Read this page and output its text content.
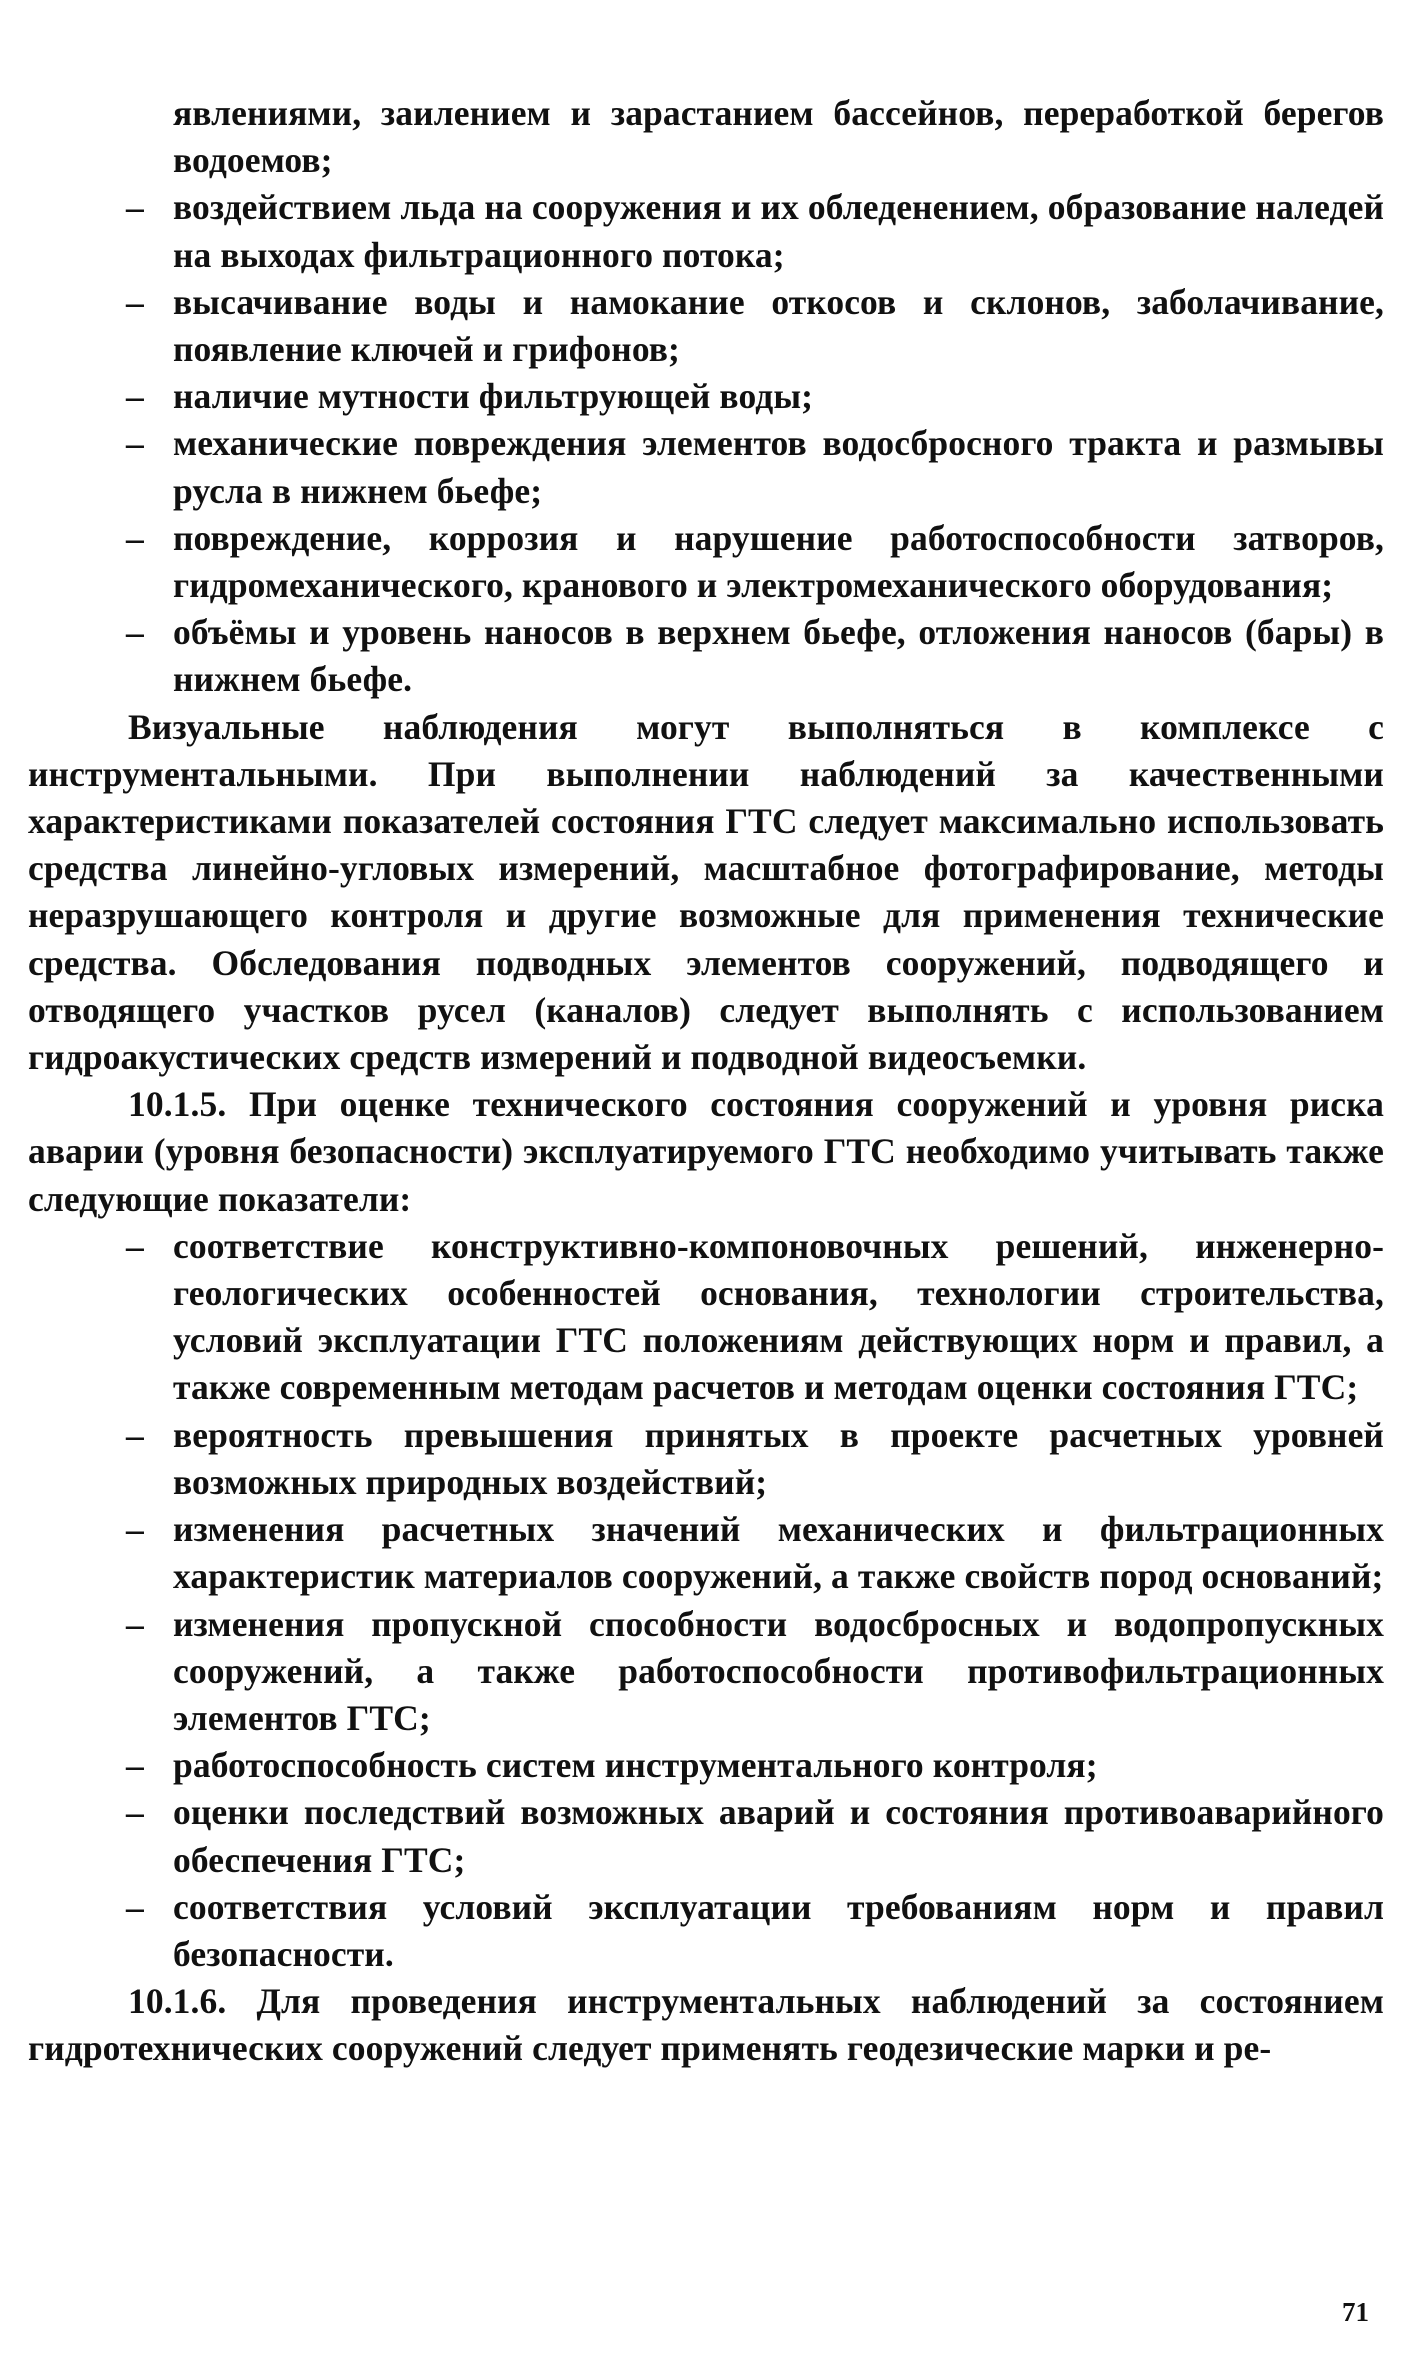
явлениями, заилением и зарастанием бассейнов, переработкой берегов водоемов;

– воздействием льда на сооружения и их обледенением, образование наледей на выходах фильтрационного потока;

– высачивание воды и намокание откосов и склонов, заболачивание, появление ключей и грифонов;

– наличие мутности фильтрующей воды;

– механические повреждения элементов водосбросного тракта и размывы русла в нижнем бьефе;

– повреждение, коррозия и нарушение работоспособности затворов, гидромеханического, кранового и электромеханического оборудования;

– объёмы и уровень наносов в верхнем бьефе, отложения наносов (бары) в нижнем бьефе.

Визуальные наблюдения могут выполняться в комплексе с инструментальными. При выполнении наблюдений за качественными характеристиками показателей состояния ГТС следует максимально использовать средства линейно-угловых измерений, масштабное фотографирование, методы неразрушающего контроля и другие возможные для применения технические средства. Обследования подводных элементов сооружений, подводящего и отводящего участков русел (каналов) следует выполнять с использованием гидроакустических средств измерений и подводной видеосъемки.

10.1.5. При оценке технического состояния сооружений и уровня риска аварии (уровня безопасности) эксплуатируемого ГТС необходимо учитывать также следующие показатели:

– соответствие конструктивно-компоновочных решений, инженерно-геологических особенностей основания, технологии строительства, условий эксплуатации ГТС положениям действующих норм и правил, а также современным методам расчетов и методам оценки состояния ГТС;

– вероятность превышения принятых в проекте расчетных уровней возможных природных воздействий;

– изменения расчетных значений механических и фильтрационных характеристик материалов сооружений, а также свойств пород оснований;

– изменения пропускной способности водосбросных и водопропускных сооружений, а также работоспособности противофильтрационных элементов ГТС;

– работоспособность систем инструментального контроля;

– оценки последствий возможных аварий и состояния противоаварийного обеспечения ГТС;

– соответствия условий эксплуатации требованиям норм и правил безопасности.

10.1.6. Для проведения инструментальных наблюдений за состоянием гидротехнических сооружений следует применять геодезические марки и ре-

71
